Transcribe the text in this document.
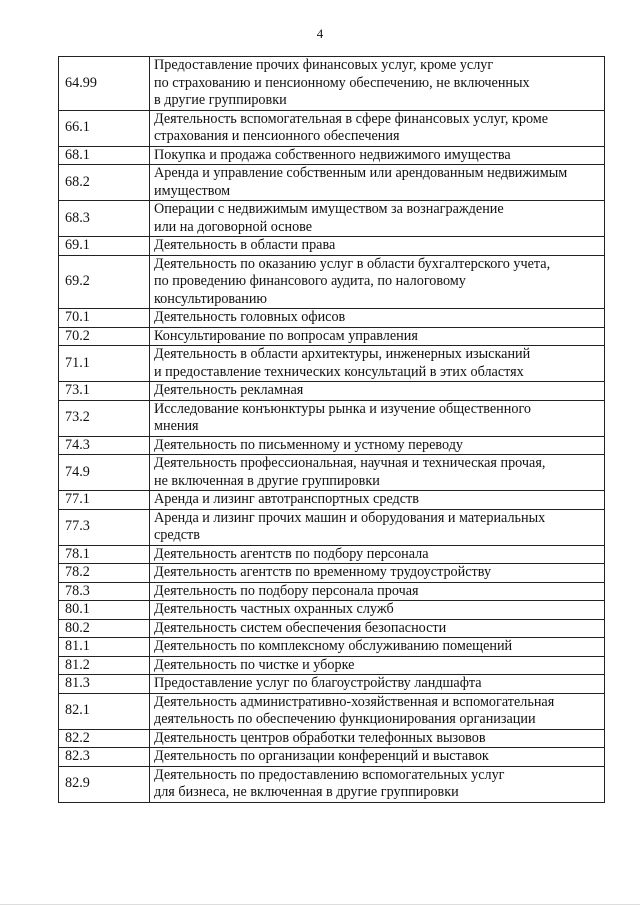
4
64.99	Предоставление прочих финансовых услуг, кроме услуг
по страхованию и пенсионному обеспечению, не включенных
в другие группировки
66.1	Деятельность вспомогательная в сфере финансовых услуг, кроме
страхования и пенсионного обеспечения
68.1	Покупка и продажа собственного недвижимого имущества
68.2	Аренда и управление собственным или арендованным недвижимым
имуществом
68.3	Операции с недвижимым имуществом за вознаграждение
или на договорной основе
69.1	Деятельность в области права
69.2	Деятельность по оказанию услуг в области бухгалтерского учета,
по проведению финансового аудита, по налоговому
консультированию
70.1	Деятельность головных офисов
70.2	Консультирование по вопросам управления
71.1	Деятельность в области архитектуры, инженерных изысканий
и предоставление технических консультаций в этих областях
73.1	Деятельность рекламная
73.2	Исследование конъюнктуры рынка и изучение общественного
мнения
74.3	Деятельность по письменному и устному переводу
74.9	Деятельность профессиональная, научная и техническая прочая,
не включенная в другие группировки
77.1	Аренда и лизинг автотранспортных средств
77.3	Аренда и лизинг прочих машин и оборудования и материальных
средств
78.1	Деятельность агентств по подбору персонала
78.2	Деятельность агентств по временному трудоустройству
78.3	Деятельность по подбору персонала прочая
80.1	Деятельность частных охранных служб
80.2	Деятельность систем обеспечения безопасности
81.1	Деятельность по комплексному обслуживанию помещений
81.2	Деятельность по чистке и уборке
81.3	Предоставление услуг по благоустройству ландшафта
82.1	Деятельность административно-хозяйственная и вспомогательная
деятельность по обеспечению функционирования организации
82.2	Деятельность центров обработки телефонных вызовов
82.3	Деятельность по организации конференций и выставок
82.9	Деятельность по предоставлению вспомогательных услуг
для бизнеса, не включенная в другие группировки
